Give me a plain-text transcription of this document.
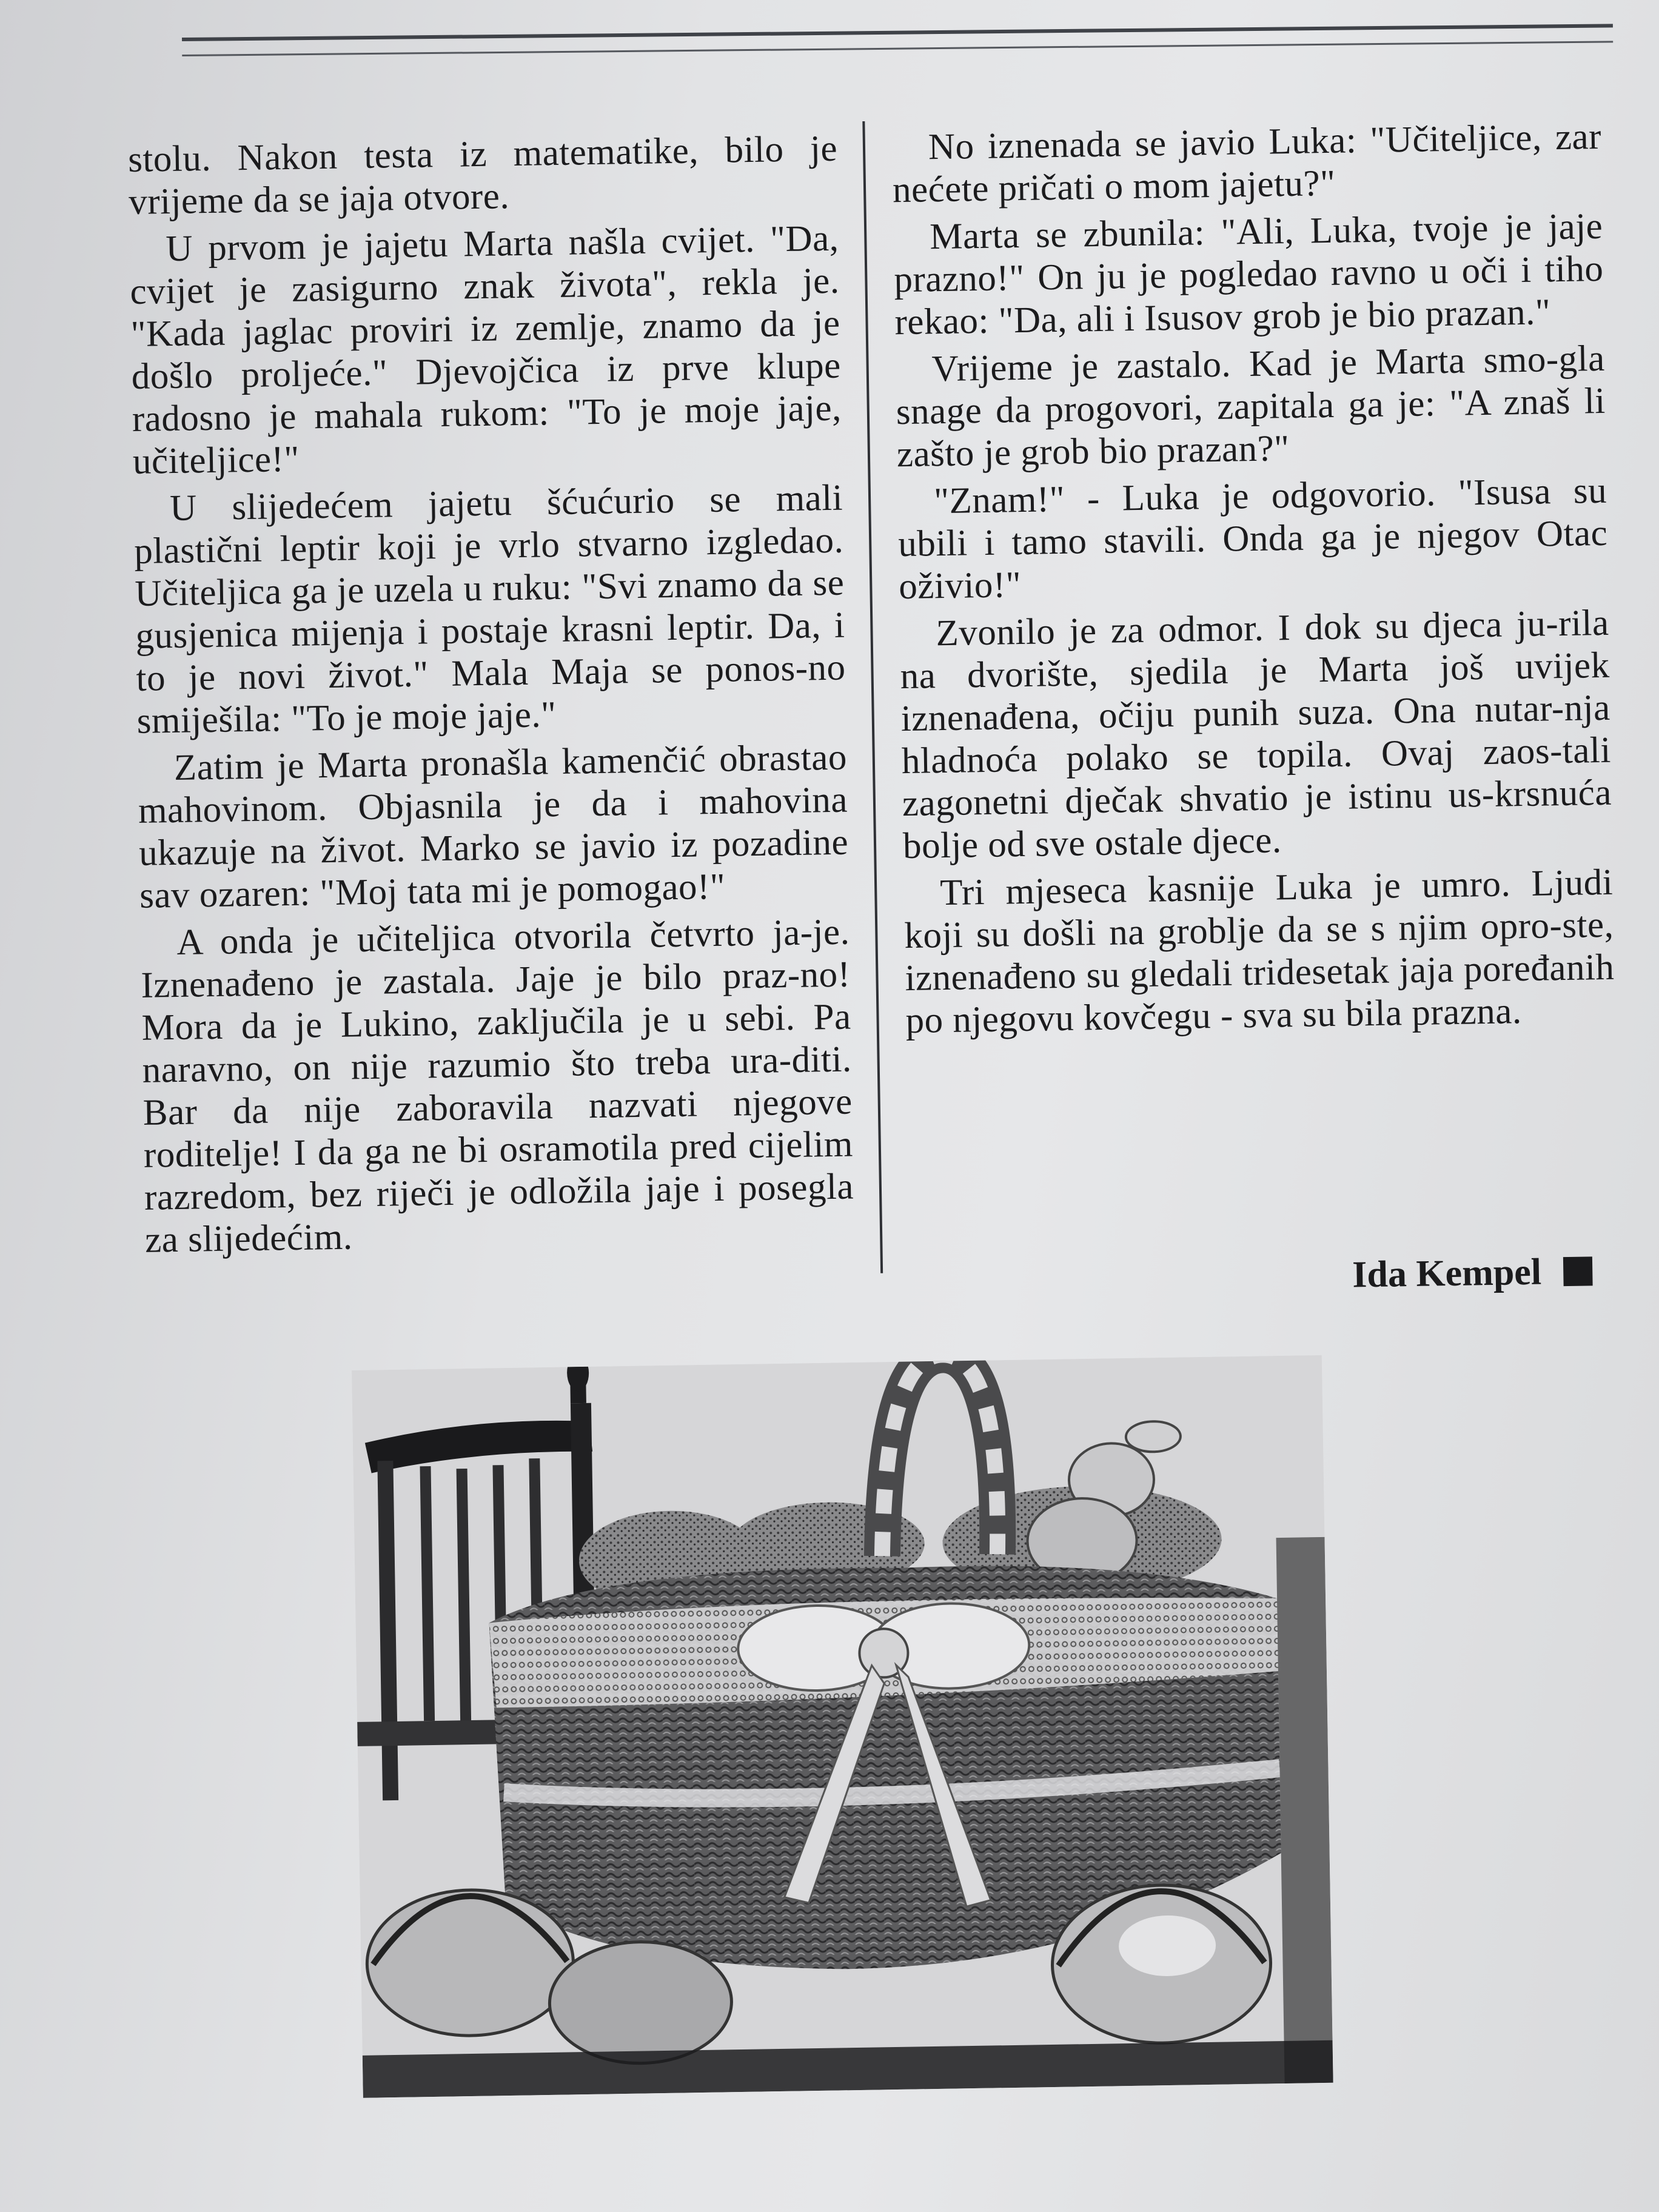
stolu. Nakon testa iz matematike, bilo je vrijeme da se jaja otvore.

U prvom je jajetu Marta našla cvijet. "Da, cvijet je zasigurno znak života", rekla je. "Kada jaglac proviri iz zemlje, znamo da je došlo proljeće." Djevojčica iz prve klupe radosno je mahala rukom: "To je moje jaje, učiteljice!"

U slijedećem jajetu šćućurio se mali plastični leptir koji je vrlo stvarno izgledao. Učiteljica ga je uzela u ruku: "Svi znamo da se gusjenica mijenja i postaje krasni leptir. Da, i to je novi život." Mala Maja se ponos-no smiješila: "To je moje jaje."

Zatim je Marta pronašla kamenčić obrastao mahovinom. Objasnila je da i mahovina ukazuje na život. Marko se javio iz pozadine sav ozaren: "Moj tata mi je pomogao!"

A onda je učiteljica otvorila četvrto ja-je. Iznenađeno je zastala. Jaje je bilo praz-no! Mora da je Lukino, zaključila je u sebi. Pa naravno, on nije razumio što treba ura-diti. Bar da nije zaboravila nazvati njegove roditelje! I da ga ne bi osramotila pred cijelim razredom, bez riječi je odložila jaje i posegla za slijedećim.

No iznenada se javio Luka: "Učiteljice, zar nećete pričati o mom jajetu?"

Marta se zbunila: "Ali, Luka, tvoje je jaje prazno!" On ju je pogledao ravno u oči i tiho rekao: "Da, ali i Isusov grob je bio prazan."

Vrijeme je zastalo. Kad je Marta smo-gla snage da progovori, zapitala ga je: "A znaš li zašto je grob bio prazan?"

"Znam!" - Luka je odgovorio. "Isusa su ubili i tamo stavili. Onda ga je njegov Otac oživio!"

Zvonilo je za odmor. I dok su djeca ju-rila na dvorište, sjedila je Marta još uvijek iznenađena, očiju punih suza. Ona nutar-nja hladnoća polako se topila. Ovaj zaos-tali zagonetni dječak shvatio je istinu us-krsnuća bolje od sve ostale djece.

Tri mjeseca kasnije Luka je umro. Ljudi koji su došli na groblje da se s njim opro-ste, iznenađeno su gledali tridesetak jaja poređanih po njegovu kovčegu - sva su bila prazna.

Ida Kempel
